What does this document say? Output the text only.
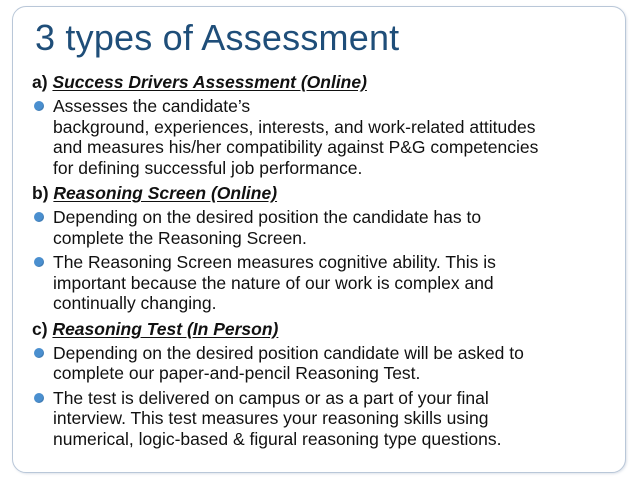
3 types of Assessment
a) Success Drivers Assessment (Online)
Assesses the candidate’s
background, experiences, interests, and work-related attitudes
and measures his/her compatibility against P&G competencies
for defining successful job performance.
b) Reasoning Screen (Online)
Depending on the desired position the candidate has to
complete the Reasoning Screen.
The Reasoning Screen measures cognitive ability. This is
important because the nature of our work is complex and
continually changing.
c) Reasoning Test (In Person)
Depending on the desired position candidate will be asked to
complete our paper-and-pencil Reasoning Test.
The test is delivered on campus or as a part of your final
interview. This test measures your reasoning skills using
numerical, logic-based & figural reasoning type questions.
